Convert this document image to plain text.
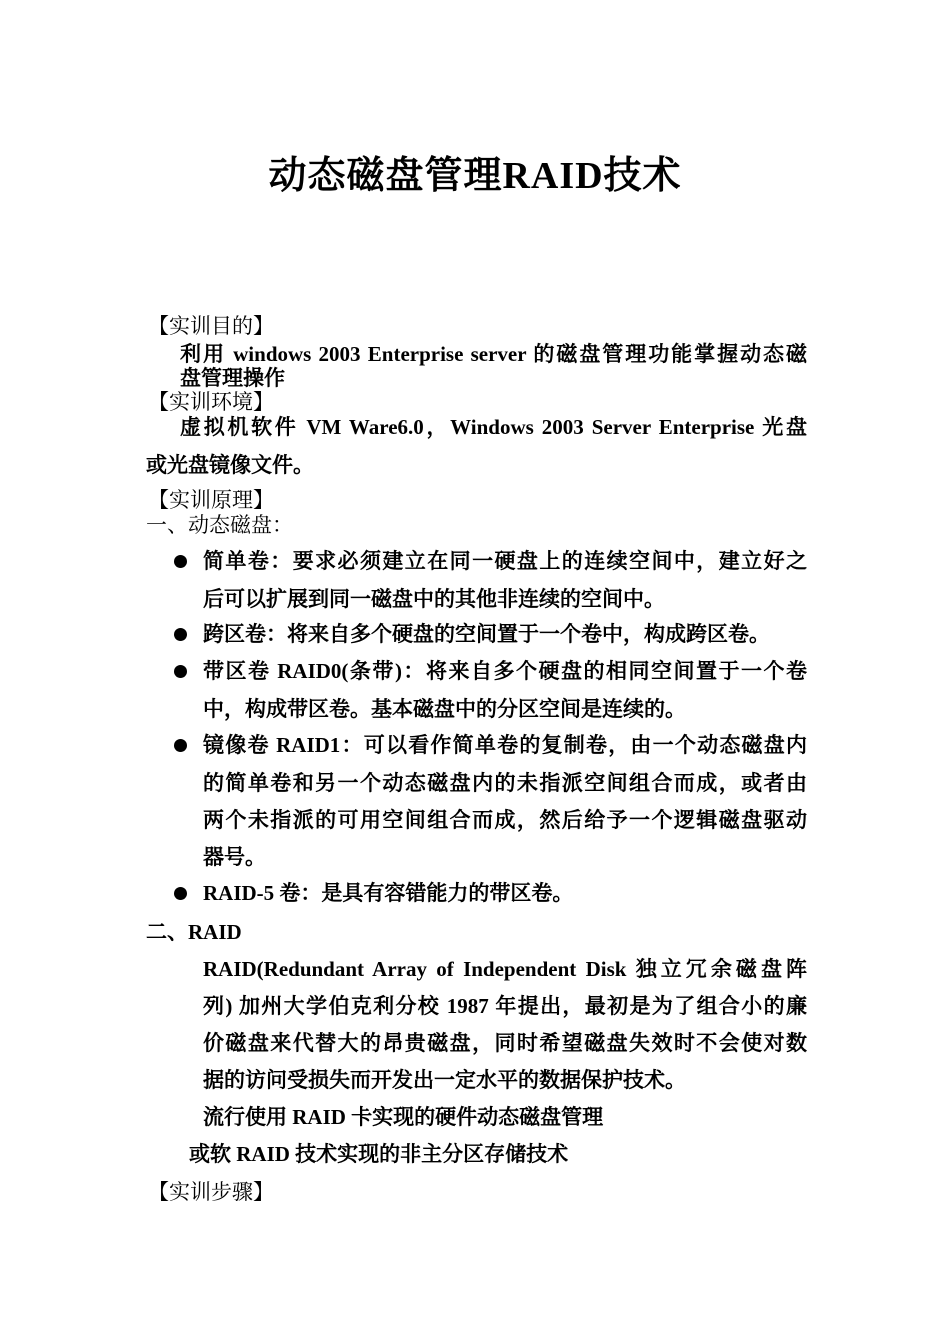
动态磁盘管理RAID技术
【实训目的】
利用 windows 2003 Enterprise server 的磁盘管理功能掌握动态磁
盘管理操作
【实训环境】
虚拟机软件 VM Ware6.0，Windows 2003 Server Enterprise 光盘
或光盘镜像文件。
【实训原理】
一、动态磁盘：
简单卷：要求必须建立在同一硬盘上的连续空间中，建立好之
后可以扩展到同一磁盘中的其他非连续的空间中。
跨区卷：将来自多个硬盘的空间置于一个卷中，构成跨区卷。
带区卷 RAID0(条带)：将来自多个硬盘的相同空间置于一个卷
中，构成带区卷。基本磁盘中的分区空间是连续的。
镜像卷 RAID1：可以看作简单卷的复制卷，由一个动态磁盘内
的简单卷和另一个动态磁盘内的未指派空间组合而成，或者由
两个未指派的可用空间组合而成，然后给予一个逻辑磁盘驱动
器号。
RAID-5 卷：是具有容错能力的带区卷。
二、RAID
RAID(Redundant Array of Independent Disk 独立冗余磁盘阵
列) 加州大学伯克利分校 1987 年提出，最初是为了组合小的廉
价磁盘来代替大的昂贵磁盘，同时希望磁盘失效时不会使对数
据的访问受损失而开发出一定水平的数据保护技术。
流行使用 RAID 卡实现的硬件动态磁盘管理
或软 RAID 技术实现的非主分区存储技术
【实训步骤】
